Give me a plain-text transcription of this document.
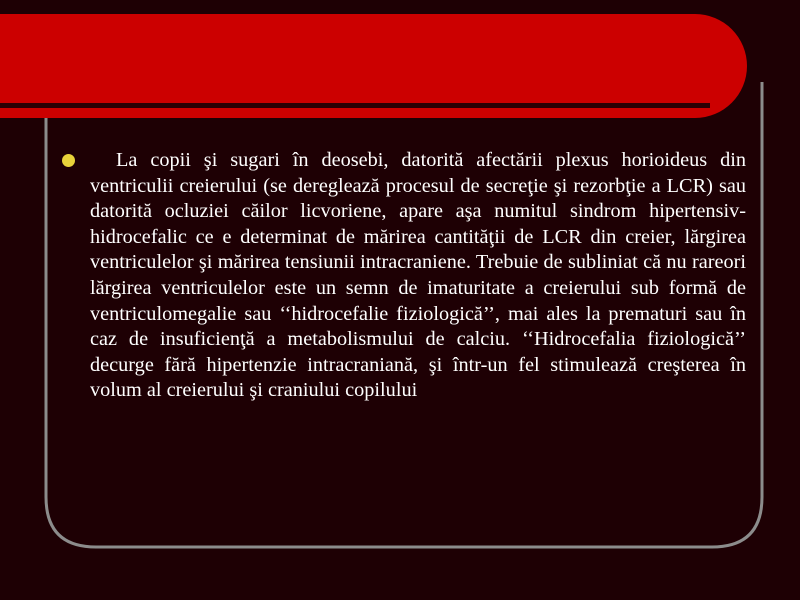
La copii şi sugari în deosebi, datorită afectării plexus horioideus din ventriculii creierului (se dereglează procesul de secreţie şi rezorbţie a LCR) sau datorită ocluziei căilor licvoriene, apare aşa numitul sindrom hipertensiv-hidrocefalic ce e determinat de mărirea cantităţii de LCR din creier, lărgirea ventriculelor şi mărirea tensiunii intracraniene. Trebuie de subliniat că nu rareori lărgirea ventriculelor este un semn de imaturitate a creierului sub formă de ventriculomegalie sau ‘‘hidrocefalie fiziologică’’, mai ales la prematuri sau în caz de insuficienţă a metabolismului de calciu. ‘‘Hidrocefalia fiziologică’’ decurge fără hipertenzie intracraniană, şi într-un fel stimulează creşterea în volum al creierului şi craniului copilului
